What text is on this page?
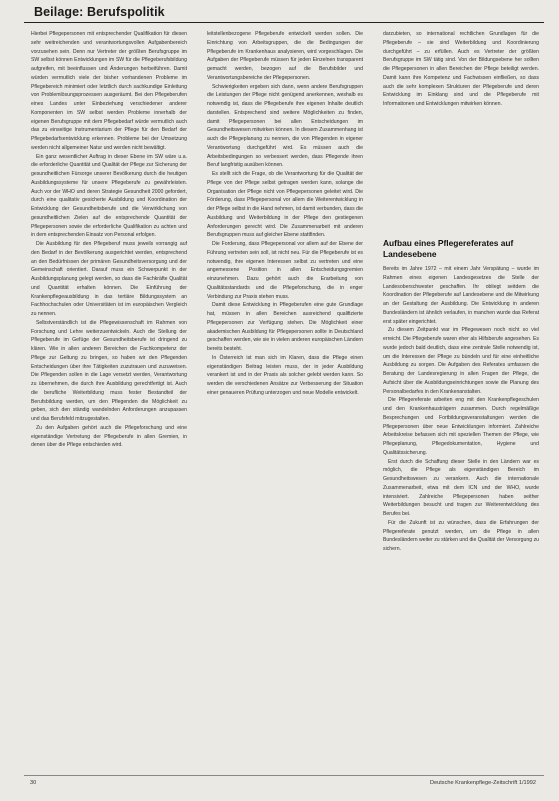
Beilage: Berufspolitik

Hierbei Pflegepersonen mit entsprechender Qualifikation für diesen sehr weitreichenden und verantwortungsvollen Aufgabenbereich vorzusehen sein. Denn nur Vertreter der größten Berufsgruppe im SW selbst können Entwicklungen im SW für die Pflegeberufsbildung aufgreifen, mit beeinflussen und Änderungen herbeiführen. Damit würden vermutlich viele der bisher vorhandenen Probleme im Pflegebereich minimiert oder letztlich durch sachkundige Einleitung von Problemlösungsprozessen ausgeräumt. Bei den Pflegeberufen eines Landes unter Einbeziehung verschiedener anderer Komponenten im SW selbst werden Probleme innerhalb der eigenen Berufsgruppe mit dem Pflegebedarf würde vermutlich auch das zu einseitige Instrumentarium der Pflege für den Bedarf der Pflegebedarfsentwicklung erkennen. Probleme bei der Umsetzung werden nicht allgemeiner Natur und werden nicht bewältigt.

Ein ganz wesentlicher Auftrag in dieser Ebene im SW wäre u.a. die erforderliche Quantität und Qualität der Pflege zur Sicherung der gesundheitlichen Fürsorge unserer Bevölkerung durch die heutigen Ausbildungssysteme für unsere Pflegeberufe zu gewährleisten. Auch vor der WHO und deren Strategie Gesundheit 2000 gefordert, durch eine qualitativ gesicherte Ausbildung und Koordination der Entwicklung der Gesundheitsberufe und die Verwirklichung von gesundheitlichen Zielen auf die entsprechende Quantität der Pflegepersonen sowie die erforderliche Qualifikation zu achten und in dem entsprechenden Einsatz von Personal erfolgen.

Die Ausbildung für den Pflegeberuf muss jeweils vorrangig auf den Bedarf in der Bevölkerung ausgerichtet werden, entsprechend an den Bedürfnissen der primären Gesundheitsversorgung und der Gemeinschaft orientiert. Darauf muss ein Schwerpunkt in der Ausbildungsplanung gelegt werden, so dass die Fachkräfte Qualität und Quantität erhalten können. Die Einführung der Krankenpflegeausbildung in das tertiäre Bildungssystem an Fachhochschulen oder Universitäten ist im europäischen Vergleich zu nennen.

Selbstverständlich ist die Pflegewissenschaft im Rahmen von Forschung und Lehre weiterzuentwickeln. Auch die Stellung der Pflegeberufe im Gefüge der Gesundheitsberufe ist dringend zu klären. Wie in allen anderen Bereichen die Fachkompetenz der Pflege zur Geltung zu bringen, so haben wir den Pflegenden Entscheidungen über ihre Tätigkeiten zuzutrauen und zuzuweisen. Die Pflegenden sollen in die Lage versetzt werden, Verantwortung zu übernehmen, die durch ihre Ausbildung gerechtfertigt ist. Auch die berufliche Weiterbildung muss fester Bestandteil der Berufsbildung werden, um den Pflegenden die Möglichkeit zu geben, sich den ständig wandelnden Anforderungen anzupassen und das Berufsfeld mitzugestalten.

Zu den Aufgaben gehört auch die Pflegeforschung und eine eigenständige Vertretung der Pflegeberufe in allen Gremien, in denen über die Pflege entschieden wird.

leitstellenbezogene Pflegeberufe entwickelt werden sollen. Die Einrichtung von Arbeitsgruppen, die die Bedingungen der Pflegeberufe im Krankenhaus analysieren, wird vorgeschlagen. Die Aufgaben der Pflegeberufe müssen für jeden Einzelnen transparent gemacht werden, bezogen auf die Berufsbilder und Verantwortungsbereiche der Pflegepersonen.

Schwierigkeiten ergeben sich dann, wenn andere Berufsgruppen die Leistungen der Pflege nicht genügend anerkennen, weshalb es notwendig ist, dass die Pflegeberufe ihre eigenen Inhalte deutlich darstellen. Entsprechend sind weitere Möglichkeiten zu finden, damit Pflegepersonen bei allen Entscheidungen im Gesundheitswesen mitwirken können. In diesem Zusammenhang ist auch die Pflegeplanung zu nennen, die von Pflegenden in eigener Verantwortung durchgeführt wird. Es müssen auch die Arbeitsbedingungen so verbessert werden, dass Pflegende ihren Beruf langfristig ausüben können.

Es stellt sich die Frage, ob die Verantwortung für die Qualität der Pflege von der Pflege selbst getragen werden kann, solange die Organisation der Pflege nicht von Pflegepersonen geleitet wird. Die Förderung, dass Pflegepersonal vor allem die Weiterentwicklung in der Pflege selbst in die Hand nehmen, ist damit verbunden, dass die Ausbildung und Weiterbildung in der Pflege den gestiegenen Anforderungen gerecht wird. Die Zusammenarbeit mit anderen Berufsgruppen muss auf gleicher Ebene stattfinden.

Die Forderung, dass Pflegepersonal vor allem auf der Ebene der Führung vertreten sein soll, ist nicht neu. Für die Pflegeberufe ist es notwendig, ihre eigenen Interessen selbst zu vertreten und eine angemessene Position in allen Entscheidungsgremien einzunehmen. Dazu gehört auch die Erarbeitung von Qualitätsstandards und die Pflegeforschung, die in enger Verbindung zur Praxis stehen muss.

Damit diese Entwicklung in Pflegeberufen eine gute Grundlage hat, müssen in allen Bereichen ausreichend qualifizierte Pflegepersonen zur Verfügung stehen. Die Möglichkeit einer akademischen Ausbildung für Pflegepersonen sollte in Deutschland geschaffen werden, wie sie in vielen anderen europäischen Ländern bereits besteht.

In Österreich ist man sich im Klaren, dass die Pflege einen eigenständigen Beitrag leisten muss, der in jeder Ausbildung verankert ist und in der Praxis als solcher gelebt werden kann. So werden die verschiedenen Ansätze zur Verbesserung der Situation einer genaueren Prüfung unterzogen und neue Modelle entwickelt.

darzubieten, so international rechtlichen Grundlagen für die Pflegeberufe – sie sind Weiterbildung und Koordinierung durchgeführt – zu erfüllen. Auch es Vertreter der größten Berufsgruppe im SW tätig sind. Von der Bildungsebene her sollten die Pflegepersonen in allen Bereichen der Pflege beteiligt werden. Damit kann ihre Kompetenz und Fachwissen einfließen, so dass auch die sehr komplexen Strukturen der Pflegeberufe und deren Entwicklung im Einklang sind und die Pflegeberufe mit Informationen und Entwicklungen mitwirken können.

Aufbau eines Pflegereferates auf Landesebene

Bereits im Jahre 1972 – mit einem Jahr Verspätung – wurde im Rahmen eines eigenen Landesgesetzes die Stelle der Landesoberschwester geschaffen. Ihr obliegt seitdem die Koordination der Pflegeberufe auf Landesebene und die Mitwirkung an der Gestaltung der Ausbildung. Die Entwicklung in anderen Bundesländern ist ähnlich verlaufen, in manchen wurde das Referat erst später eingerichtet.

Zu diesem Zeitpunkt war im Pflegewesen noch nicht so viel erreicht. Die Pflegeberufe waren eher als Hilfsberufe angesehen. Es wurde jedoch bald deutlich, dass eine zentrale Stelle notwendig ist, um die Interessen der Pflege zu bündeln und für eine einheitliche Ausbildung zu sorgen. Die Aufgaben des Referates umfassen die Beratung der Landesregierung in allen Fragen der Pflege, die Aufsicht über die Ausbildungseinrichtungen sowie die Planung des Personalbedarfes in den Krankenanstalten.

Die Pflegereferate arbeiten eng mit den Krankenpflegeschulen und den Krankenhausträgern zusammen. Durch regelmäßige Besprechungen und Fortbildungsveranstaltungen werden die Pflegepersonen über neue Entwicklungen informiert. Zahlreiche Arbeitskreise befassen sich mit speziellen Themen der Pflege, wie Pflegeplanung, Pflegedokumentation, Hygiene und Qualitätssicherung.

Erst durch die Schaffung dieser Stelle in den Ländern war es möglich, die Pflege als eigenständigen Bereich im Gesundheitswesen zu verankern. Auch die internationale Zusammenarbeit, etwa mit dem ICN und der WHO, wurde intensiviert. Zahlreiche Pflegepersonen haben seither Weiterbildungen besucht und tragen zur Weiterentwicklung des Berufes bei.

Für die Zukunft ist zu wünschen, dass die Erfahrungen der Pflegereferate genutzt werden, um die Pflege in allen Bundesländern weiter zu stärken und die Qualität der Versorgung zu sichern.

30	Deutsche Krankenpflege-Zeitschrift 1/1992
